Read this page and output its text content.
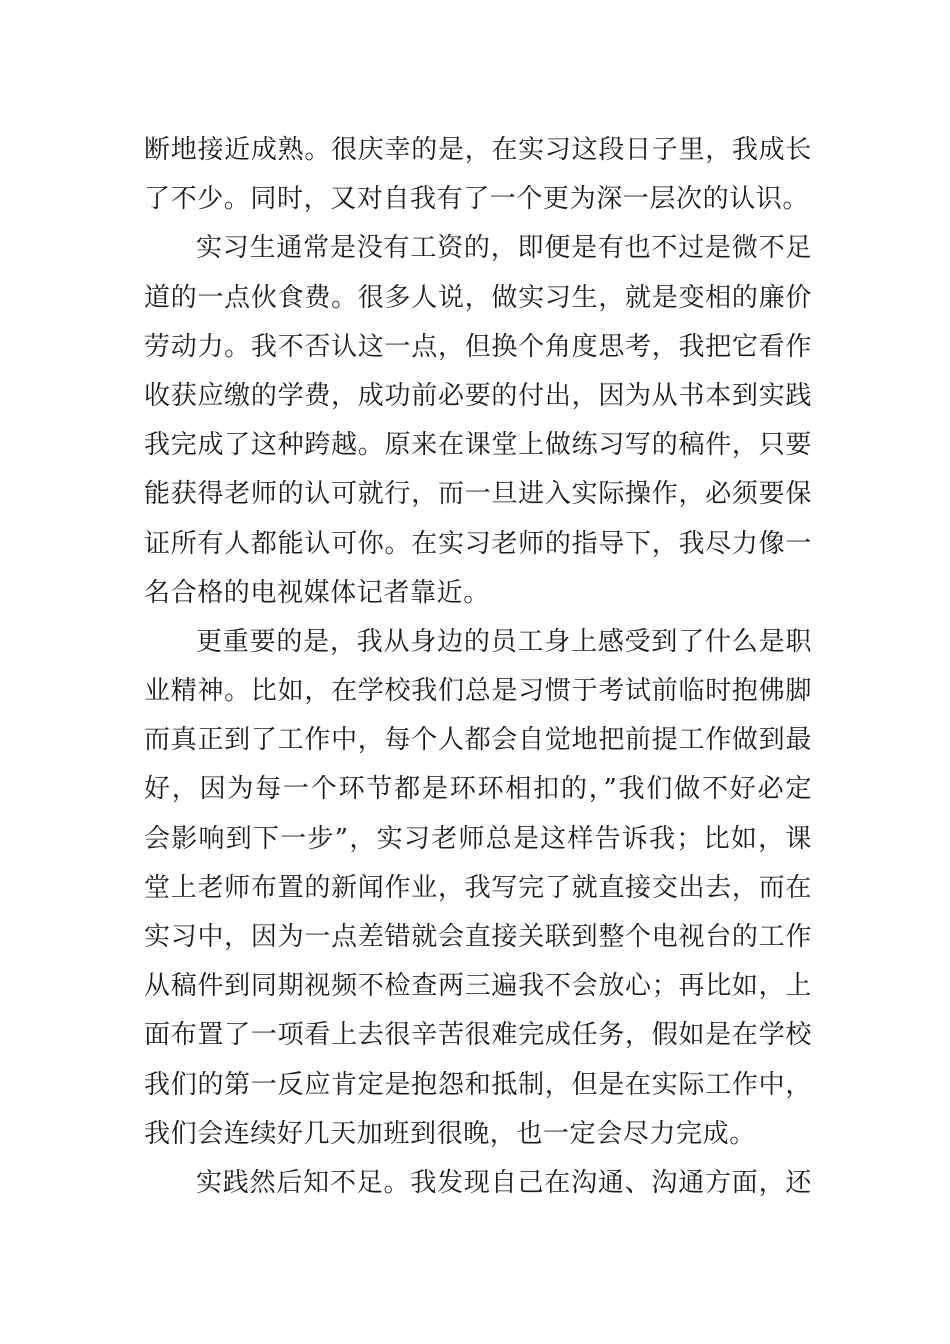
断地接近成熟。很庆幸的是，在实习这段日子里，我成长
了不少。同时，又对自我有了一个更为深一层次的认识。
实习生通常是没有工资的，即便是有也不过是微不足
道的一点伙食费。很多人说，做实习生，就是变相的廉价
劳动力。我不否认这一点，但换个角度思考，我把它看作
收获应缴的学费，成功前必要的付出，因为从书本到实践
我完成了这种跨越。原来在课堂上做练习写的稿件，只要
能获得老师的认可就行，而一旦进入实际操作，必须要保
证所有人都能认可你。在实习老师的指导下，我尽力像一
名合格的电视媒体记者靠近。
更重要的是，我从身边的员工身上感受到了什么是职
业精神。比如，在学校我们总是习惯于考试前临时抱佛脚
而真正到了工作中，每个人都会自觉地把前提工作做到最
好，因为每一个环节都是环环相扣的，”我们做不好必定
会影响到下一步”，实习老师总是这样告诉我；比如，课
堂上老师布置的新闻作业，我写完了就直接交出去，而在
实习中，因为一点差错就会直接关联到整个电视台的工作
从稿件到同期视频不检查两三遍我不会放心；再比如，上
面布置了一项看上去很辛苦很难完成任务，假如是在学校
我们的第一反应肯定是抱怨和抵制，但是在实际工作中，
我们会连续好几天加班到很晚，也一定会尽力完成。
实践然后知不足。我发现自己在沟通、沟通方面，还
